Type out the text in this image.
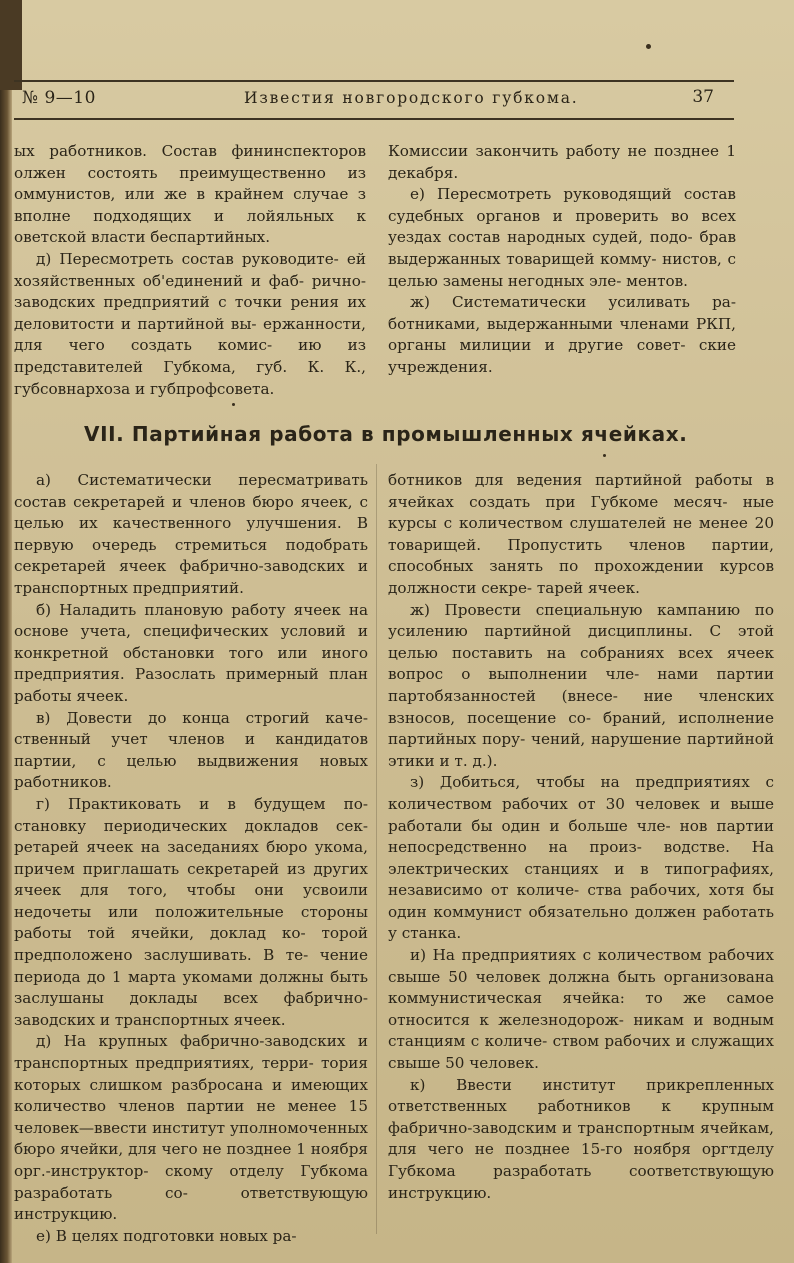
№ 9—10	Известия новгородского губкома.	37

ых работников. Состав фининспекторов олжен состоять преимущественно из оммунистов, или же в крайнем случае з вполне подходящих и лойяльных к оветской власти беспартийных.

д) Пересмотреть состав руководите- ей хозяйственных об'единений и фаб- рично-заводских предприятий с точки рения их деловитости и партийной вы- ержанности, для чего создать комис- ию из представителей Губкома, губ. К. К., губсовнархоза и губпрофсовета.

Комиссии закончить работу не позднее 1 декабря.

е) Пересмотреть руководящий состав судебных органов и проверить во всех уездах состав народных судей, подо- брав выдержанных товарищей комму- нистов, с целью замены негодных эле- ментов.

ж) Систематически усиливать ра- ботниками, выдержанными членами РКП, органы милиции и другие совет- ские учреждения.

VII. Партийная работа в промышленных ячейках.

а) Систематически пересматривать состав секретарей и членов бюро ячеек, с целью их качественного улучшения. В первую очередь стремиться подобрать секретарей ячеек фабрично-заводских и транспортных предприятий.

б) Наладить плановую работу ячеек на основе учета, специфических условий и конкретной обстановки того или иного предприятия. Разослать примерный план работы ячеек.

в) Довести до конца строгий каче- ственный учет членов и кандидатов партии, с целью выдвижения новых работников.

г) Практиковать и в будущем по- становку периодических докладов сек- ретарей ячеек на заседаниях бюро укома, причем приглашать секретарей из других ячеек для того, чтобы они усвоили недочеты или положительные стороны работы той ячейки, доклад ко- торой предположено заслушивать. В те- чение периода до 1 марта укомами должны быть заслушаны доклады всех фабрично-заводских и транспортных ячеек.

д) На крупных фабрично-заводских и транспортных предприятиях, терри- тория которых слишком разбросана и имеющих количество членов партии не менее 15 человек—ввести институт уполномоченных бюро ячейки, для чего не позднее 1 ноября орг.-инструктор- скому отделу Губкома разработать со- ответствующую инструкцию.

е) В целях подготовки новых ра-

ботников для ведения партийной работы в ячейках создать при Губкоме месяч- ные курсы с количеством слушателей не менее 20 товарищей. Пропустить членов партии, способных занять по прохождении курсов должности секре- тарей ячеек.

ж) Провести специальную кампанию по усилению партийной дисциплины. С этой целью поставить на собраниях всех ячеек вопрос о выполнении чле- нами партии партобязанностей (внесе- ние членских взносов, посещение со- браний, исполнение партийных пору- чений, нарушение партийной этики и т. д.).

з) Добиться, чтобы на предприятиях с количеством рабочих от 30 человек и выше работали бы один и больше чле- нов партии непосредственно на произ- водстве. На электрических станциях и в типографиях, независимо от количе- ства рабочих, хотя бы один коммунист обязательно должен работать у станка.

и) На предприятиях с количеством рабочих свыше 50 человек должна быть организована коммунистическая ячейка: то же самое относится к железнодорож- никам и водным станциям с количе- ством рабочих и служащих свыше 50 человек.

к) Ввести институт прикрепленных ответственных работников к крупным фабрично-заводским и транспортным ячейкам, для чего не позднее 15-го ноября оргтделу Губкома разработать соответствующую инструкцию.
